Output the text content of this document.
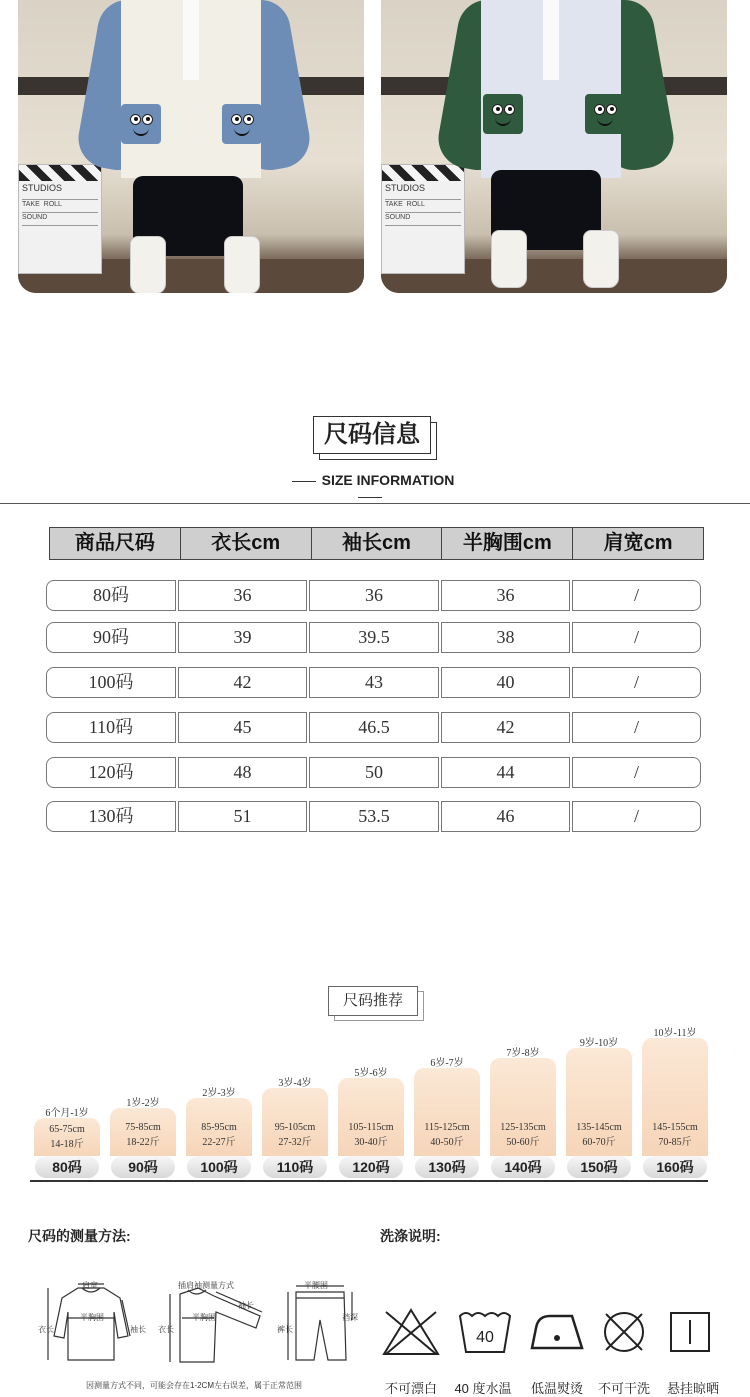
STUDIOS
TAKE ROLL
SOUND

STUDIOS
TAKE ROLL
SOUND

尺码信息
SIZE INFORMATION
商品尺码	衣长cm	袖长cm	半胸围cm	肩宽cm
80码	36	36	36	/
90码	39	39.5	38	/
100码	42	43	40	/
110码	45	46.5	42	/
120码	48	50	44	/
130码	51	53.5	46	/
尺码推荐
65-75cm
14-18斤
6个月-1岁
80码
75-85cm
18-22斤
1岁-2岁
90码
85-95cm
22-27斤
2岁-3岁
100码
95-105cm
27-32斤
3岁-4岁
110码
105-115cm
30-40斤
5岁-6岁
120码
115-125cm
40-50斤
6岁-7岁
130码
125-135cm
50-60斤
7岁-8岁
140码
135-145cm
60-70斤
9岁-10岁
150码
145-155cm
70-85斤
10岁-11岁
160码
尺码的测量方法:	洗涤说明:
肩宽
半胸围
衣长	袖长
插肩袖测量方式
半胸围
衣长
袖长
半腰围
裤长
裆深
因测量方式不同，可能会存在1-2CM左右误差，属于正常范围
40
不可漂白	40 度水温	低温熨烫	不可干洗	悬挂晾晒
